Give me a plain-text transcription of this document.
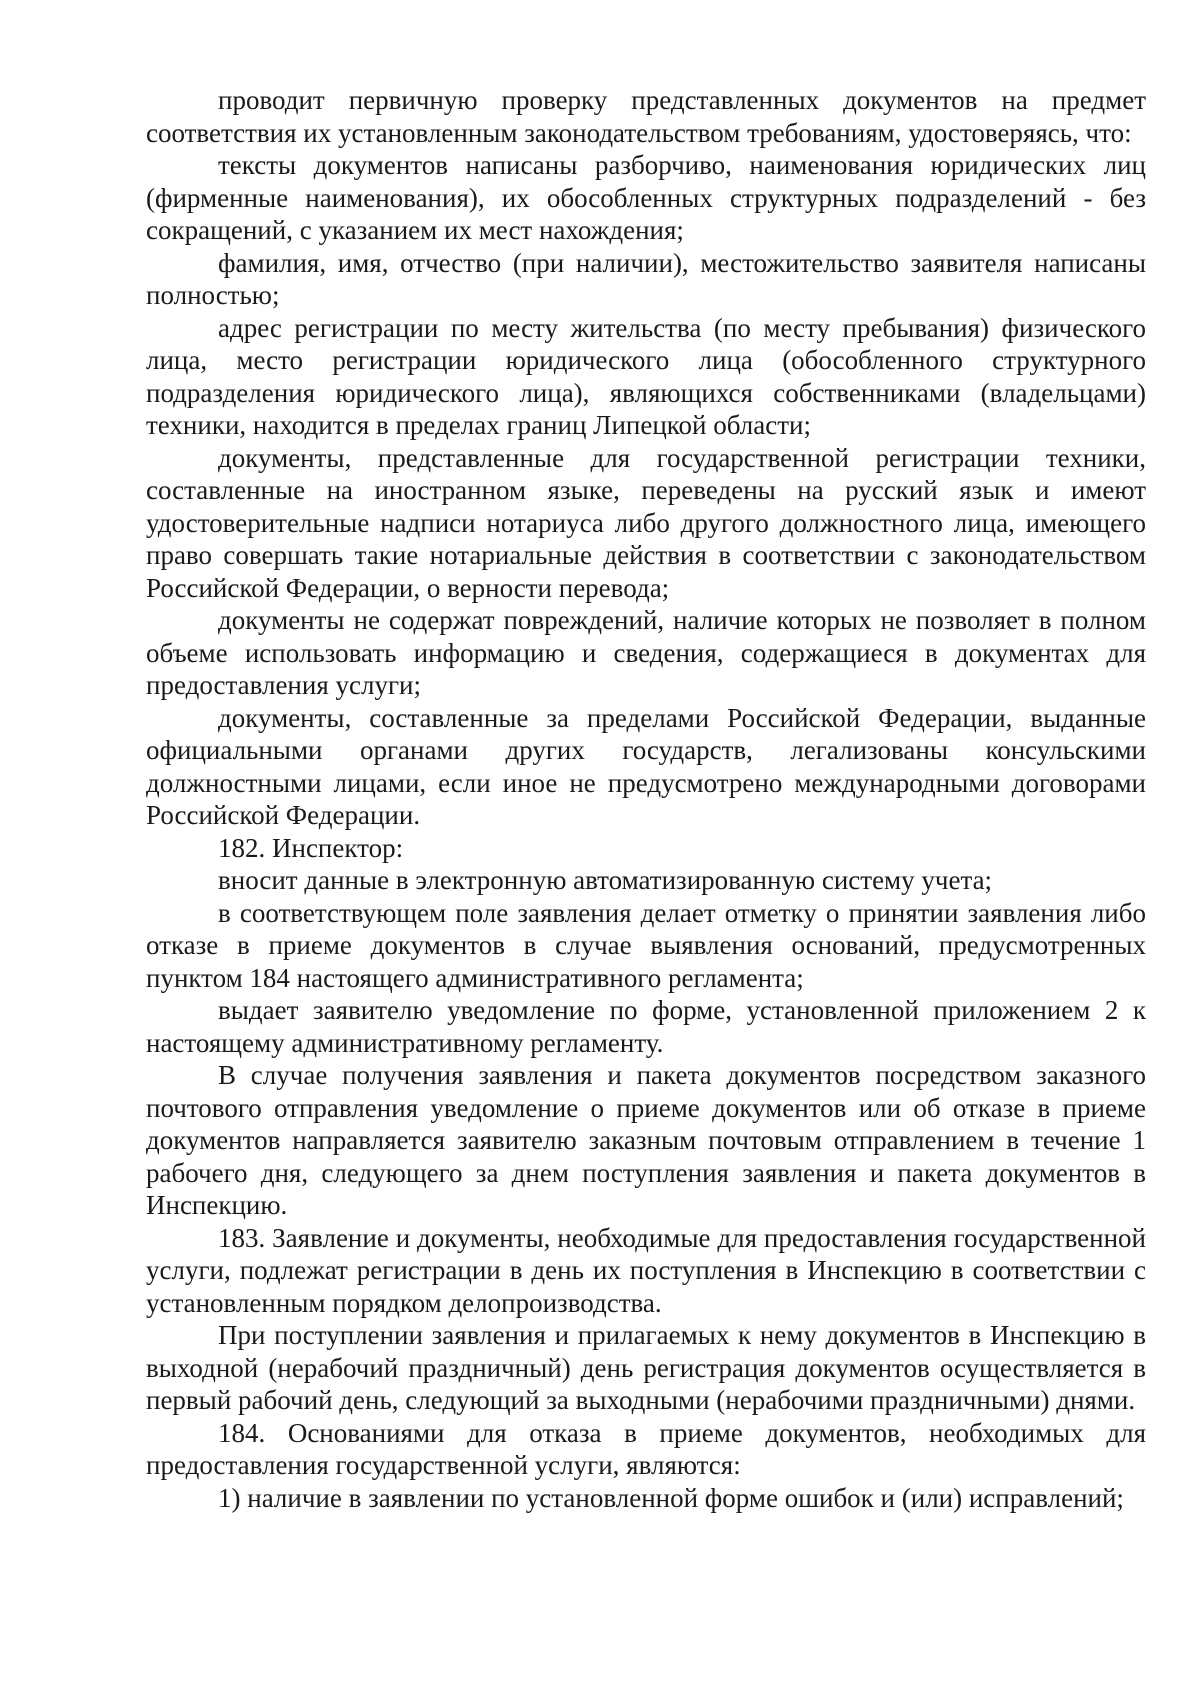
проводит первичную проверку представленных документов на предмет соответствия их установленным законодательством требованиям, удостоверяясь, что:

тексты документов написаны разборчиво, наименования юридических лиц (фирменные наименования), их обособленных структурных подразделений - без сокращений, с указанием их мест нахождения;

фамилия, имя, отчество (при наличии), местожительство заявителя написаны полностью;

адрес регистрации по месту жительства (по месту пребывания) физического лица, место регистрации юридического лица (обособленного структурного подразделения юридического лица), являющихся собственниками (владельцами) техники, находится в пределах границ Липецкой области;

документы, представленные для государственной регистрации техники, составленные на иностранном языке, переведены на русский язык и имеют удостоверительные надписи нотариуса либо другого должностного лица, имеющего право совершать такие нотариальные действия в соответствии с законодательством Российской Федерации, о верности перевода;

документы не содержат повреждений, наличие которых не позволяет в полном объеме использовать информацию и сведения, содержащиеся в документах для предоставления услуги;

документы, составленные за пределами Российской Федерации, выданные официальными органами других государств, легализованы консульскими должностными лицами, если иное не предусмотрено международными договорами Российской Федерации.

182. Инспектор:

вносит данные в электронную автоматизированную систему учета;

в соответствующем поле заявления делает отметку о принятии заявления либо отказе в приеме документов в случае выявления оснований, предусмотренных пунктом 184 настоящего административного регламента;

выдает заявителю уведомление по форме, установленной приложением 2 к настоящему административному регламенту.

В случае получения заявления и пакета документов посредством заказного почтового отправления уведомление о приеме документов или об отказе в приеме документов направляется заявителю заказным почтовым отправлением в течение 1 рабочего дня, следующего за днем поступления заявления и пакета документов в Инспекцию.

183. Заявление и документы, необходимые для предоставления государственной услуги, подлежат регистрации в день их поступления в Инспекцию в соответствии с установленным порядком делопроизводства.

При поступлении заявления и прилагаемых к нему документов в Инспекцию в выходной (нерабочий праздничный) день регистрация документов осуществляется в первый рабочий день, следующий за выходными (нерабочими праздничными) днями.

184. Основаниями для отказа в приеме документов, необходимых для предоставления государственной услуги, являются:

1) наличие в заявлении по установленной форме ошибок и (или) исправлений;
